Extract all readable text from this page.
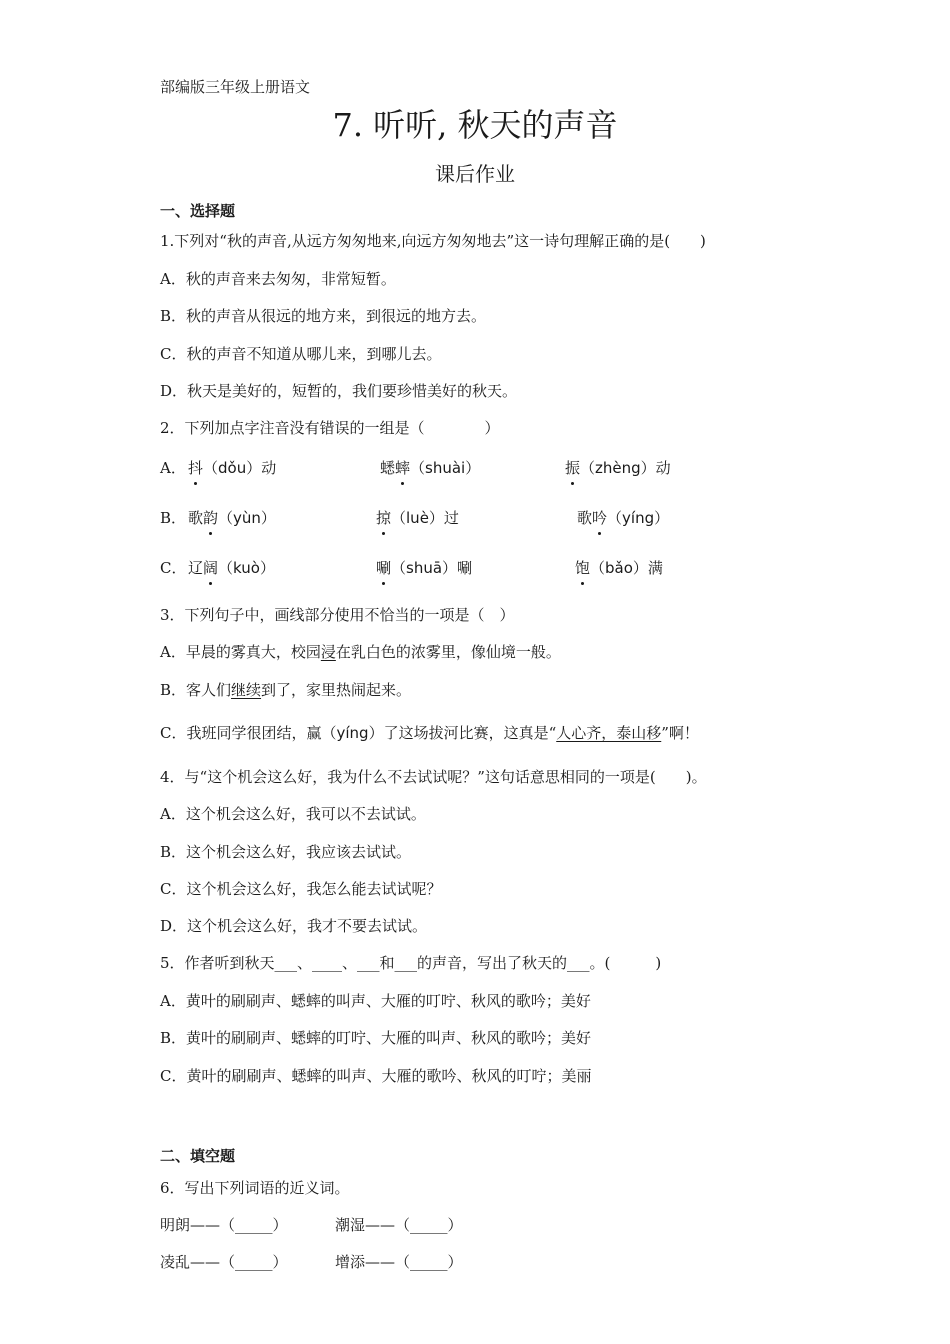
部编版三年级上册语文
7. 听听, 秋天的声音
课后作业
一、选择题
1.下列对“秋的声音,从远方匆匆地来,向远方匆匆地去”这一诗句理解正确的是(　　)
A．秋的声音来去匆匆，非常短暂。
B．秋的声音从很远的地方来，到很远的地方去。
C．秋的声音不知道从哪儿来，到哪儿去。
D．秋天是美好的，短暂的，我们要珍惜美好的秋天。
2．下列加点字注音没有错误的一组是（　　　　）
A． 抖（dǒu）动	蟋蟀（shuài）	振（zhèng）动
B． 歌韵（yùn）	掠（luè）过	歌吟（yíng）
C． 辽阔（kuò）	唰（shuā）唰	饱（bǎo）满
3．下列句子中，画线部分使用不恰当的一项是（　）
A．早晨的雾真大，校园浸在乳白色的浓雾里，像仙境一般。
B．客人们继续到了，家里热闹起来。
C．我班同学很团结，赢（yíng）了这场拔河比赛，这真是“人心齐，泰山移”啊！
4．与“这个机会这么好，我为什么不去试试呢？”这句话意思相同的一项是(　　)。
A．这个机会这么好，我可以不去试试。
B．这个机会这么好，我应该去试试。
C．这个机会这么好，我怎么能去试试呢？
D．这个机会这么好，我才不要去试试。
5．作者听到秋天___、____、___和___的声音，写出了秋天的___。(　　　)
A．黄叶的刷刷声、蟋蟀的叫声、大雁的叮咛、秋风的歌吟；美好
B．黄叶的刷刷声、蟋蟀的叮咛、大雁的叫声、秋风的歌吟；美好
C．黄叶的刷刷声、蟋蟀的叫声、大雁的歌吟、秋风的叮咛；美丽
二、填空题
6．写出下列词语的近义词。
明朗——（_____）	潮湿——（_____）
凌乱——（_____）	增添——（_____）
